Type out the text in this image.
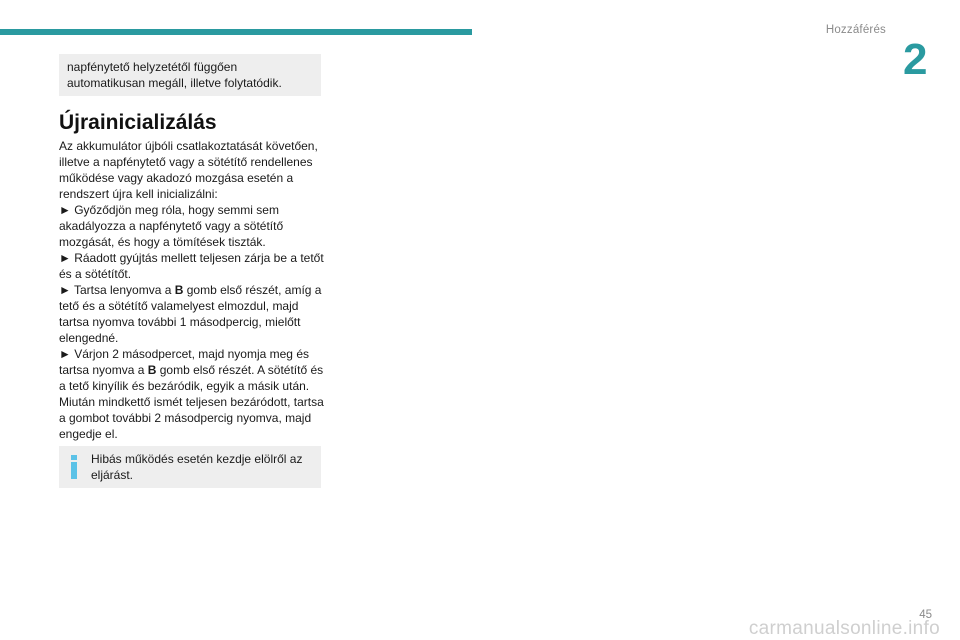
Hozzáférés
2
napfénytető helyzetétől függően automatikusan megáll, illetve folytatódik.
Újrainicializálás

Az akkumulátor újbóli csatlakoztatását követően, illetve a napfénytető vagy a sötétítő rendellenes működése vagy akadozó mozgása esetén a rendszert újra kell inicializálni:

► Győződjön meg róla, hogy semmi sem akadályozza a napfénytető vagy a sötétítő mozgását, és hogy a tömítések tiszták.

► Ráadott gyújtás mellett teljesen zárja be a tetőt és a sötétítőt.

► Tartsa lenyomva a B gomb első részét, amíg a tető és a sötétítő valamelyest elmozdul, majd tartsa nyomva további 1 másodpercig, mielőtt elengedné.

► Várjon 2 másodpercet, majd nyomja meg és tartsa nyomva a B gomb első részét. A sötétítő és a tető kinyílik és bezáródik, egyik a másik után. Miután mindkettő ismét teljesen bezáródott, tartsa a gombot további 2 másodpercig nyomva, majd engedje el.

Hibás működés esetén kezdje elölről az eljárást.
45
carmanualsonline.info
